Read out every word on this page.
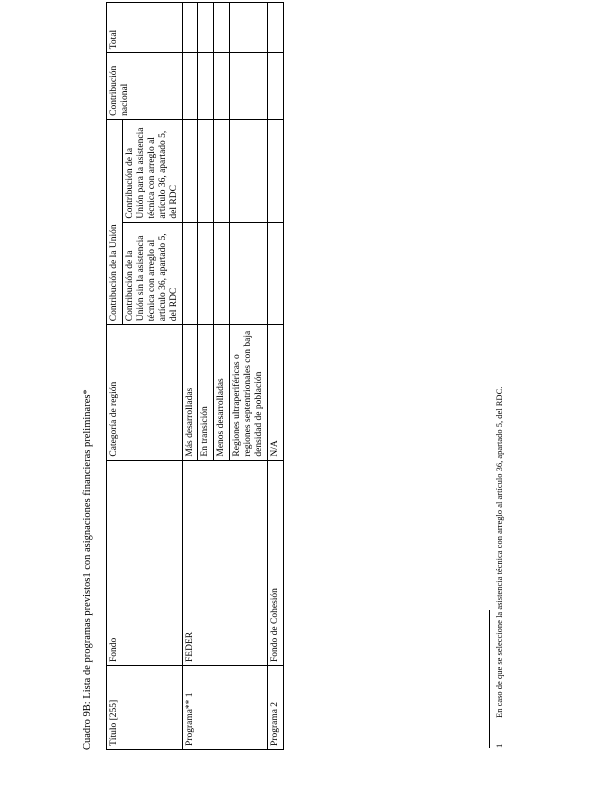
Cuadro 9B: Lista de programas previstos1 con asignaciones financieras preliminares* Título [255]	Fondo	Categoría de región	Contribución de la Unión		Contribución nacional	Total
			Contribución de la Unión sin la asistencia técnica con arreglo al artículo 36, apartado 5, del RDC	Contribución de la Unión para la asistencia técnica con arreglo al artículo 36, apartado 5, del RDC		
Programa** 1	FEDER	Más desarrolladas				
		En transición				
		Menos desarrolladas				
		Regiones ultraperiféricas o regiones septentrionales con baja densidad de población				
Programa 2	Fondo de Cohesión	N/A				
1En caso de que se seleccione la asistencia técnica con arreglo al artículo 36, apartado 5, del RDC.
